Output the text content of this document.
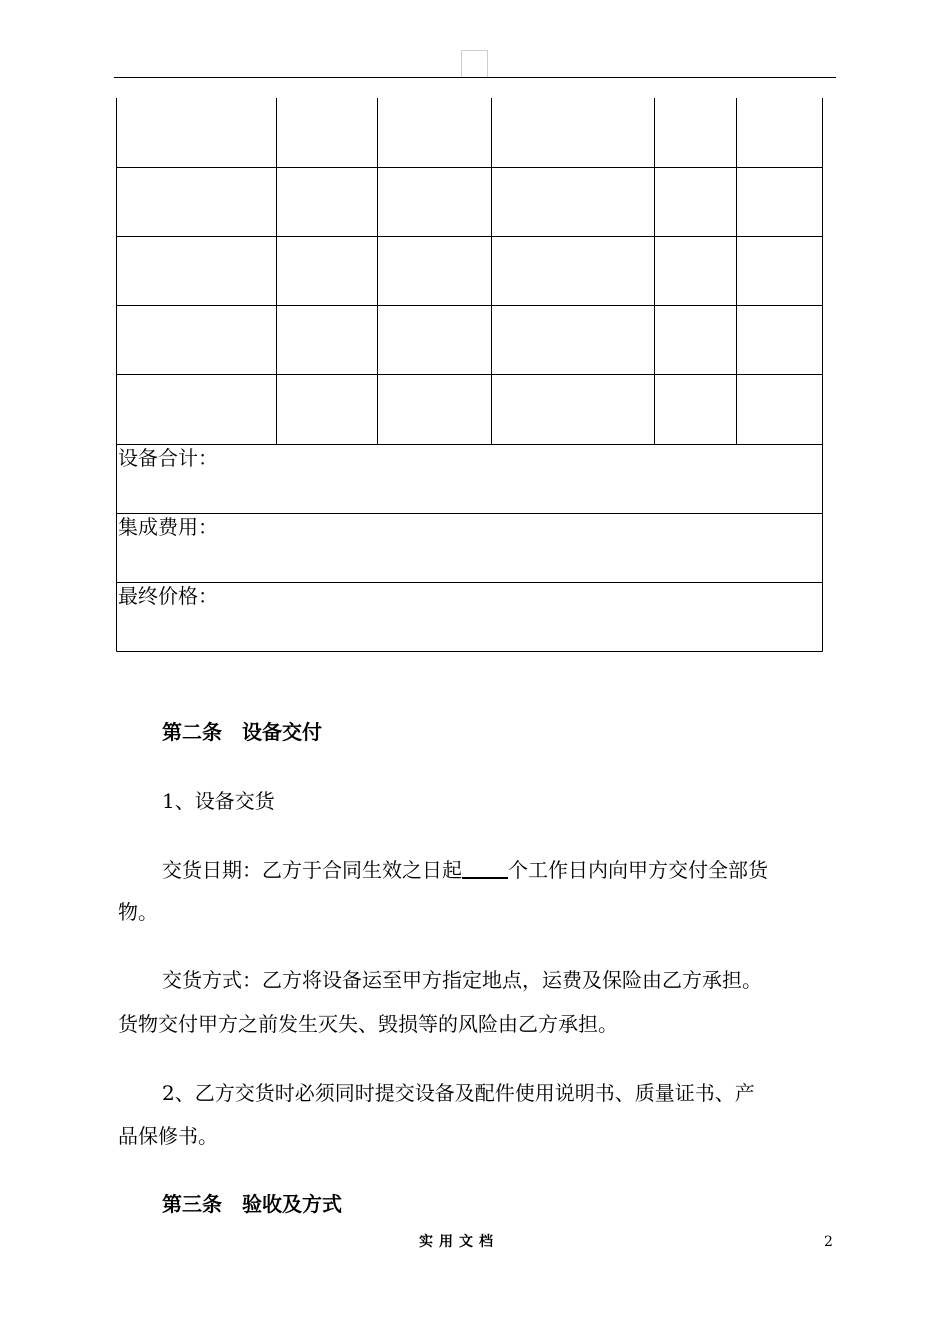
设备合计：
集成费用：
最终价格：
第二条　设备交付
1、设备交货
交货日期：乙方于合同生效之日起 个工作日内向甲方交付全部货
物。
交货方式：乙方将设备运至甲方指定地点，运费及保险由乙方承担。
货物交付甲方之前发生灭失、毁损等的风险由乙方承担。
2、乙方交货时必须同时提交设备及配件使用说明书、质量证书、产
品保修书。
第三条　验收及方式
实用文档	2
